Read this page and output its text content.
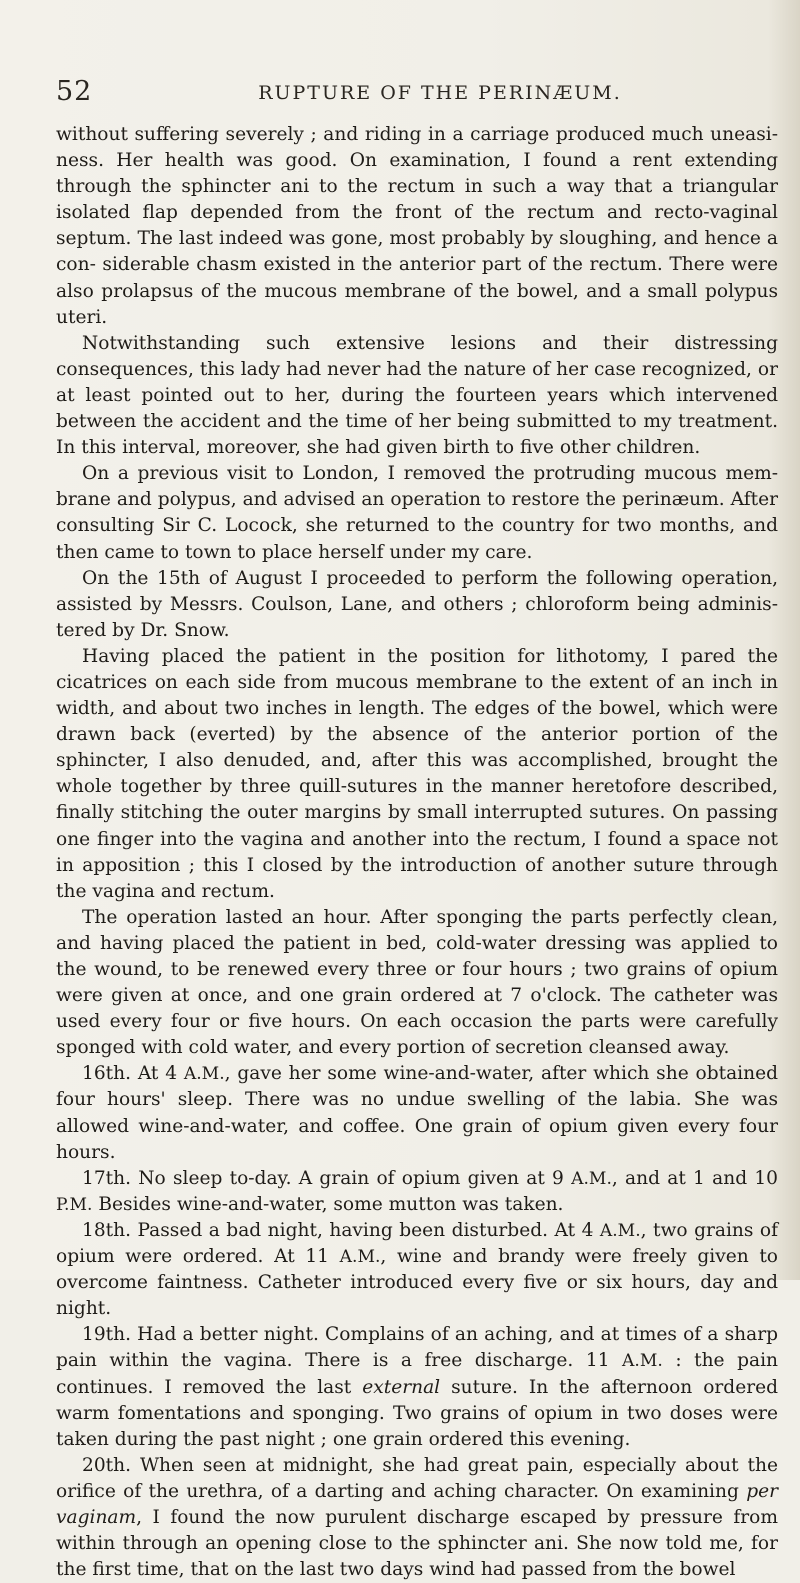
52	RUPTURE OF THE PERINÆUM.

without suffering severely ; and riding in a carriage produced much uneasi- ness. Her health was good. On examination, I found a rent extending through the sphincter ani to the rectum in such a way that a triangular isolated flap depended from the front of the rectum and recto-vaginal septum. The last indeed was gone, most probably by sloughing, and hence a con- siderable chasm existed in the anterior part of the rectum. There were also prolapsus of the mucous membrane of the bowel, and a small polypus uteri.

Notwithstanding such extensive lesions and their distressing consequences, this lady had never had the nature of her case recognized, or at least pointed out to her, during the fourteen years which intervened between the accident and the time of her being submitted to my treatment. In this interval, moreover, she had given birth to five other children.

On a previous visit to London, I removed the protruding mucous mem- brane and polypus, and advised an operation to restore the perinæum. After consulting Sir C. Locock, she returned to the country for two months, and then came to town to place herself under my care.

On the 15th of August I proceeded to perform the following operation, assisted by Messrs. Coulson, Lane, and others ; chloroform being adminis- tered by Dr. Snow.

Having placed the patient in the position for lithotomy, I pared the cicatrices on each side from mucous membrane to the extent of an inch in width, and about two inches in length. The edges of the bowel, which were drawn back (everted) by the absence of the anterior portion of the sphincter, I also denuded, and, after this was accomplished, brought the whole together by three quill-sutures in the manner heretofore described, finally stitching the outer margins by small interrupted sutures. On passing one finger into the vagina and another into the rectum, I found a space not in apposition ; this I closed by the introduction of another suture through the vagina and rectum.

The operation lasted an hour. After sponging the parts perfectly clean, and having placed the patient in bed, cold-water dressing was applied to the wound, to be renewed every three or four hours ; two grains of opium were given at once, and one grain ordered at 7 o'clock. The catheter was used every four or five hours. On each occasion the parts were carefully sponged with cold water, and every portion of secretion cleansed away.

16th. At 4 A.M., gave her some wine-and-water, after which she obtained four hours' sleep. There was no undue swelling of the labia. She was allowed wine-and-water, and coffee. One grain of opium given every four hours.

17th. No sleep to-day. A grain of opium given at 9 A.M., and at 1 and 10 P.M. Besides wine-and-water, some mutton was taken.

18th. Passed a bad night, having been disturbed. At 4 A.M., two grains of opium were ordered. At 11 A.M., wine and brandy were freely given to overcome faintness. Catheter introduced every five or six hours, day and night.

19th. Had a better night. Complains of an aching, and at times of a sharp pain within the vagina. There is a free discharge. 11 A.M. : the pain continues. I removed the last external suture. In the afternoon ordered warm fomentations and sponging. Two grains of opium in two doses were taken during the past night ; one grain ordered this evening.

20th. When seen at midnight, she had great pain, especially about the orifice of the urethra, of a darting and aching character. On examining per vaginam, I found the now purulent discharge escaped by pressure from within through an opening close to the sphincter ani. She now told me, for the first time, that on the last two days wind had passed from the bowel
